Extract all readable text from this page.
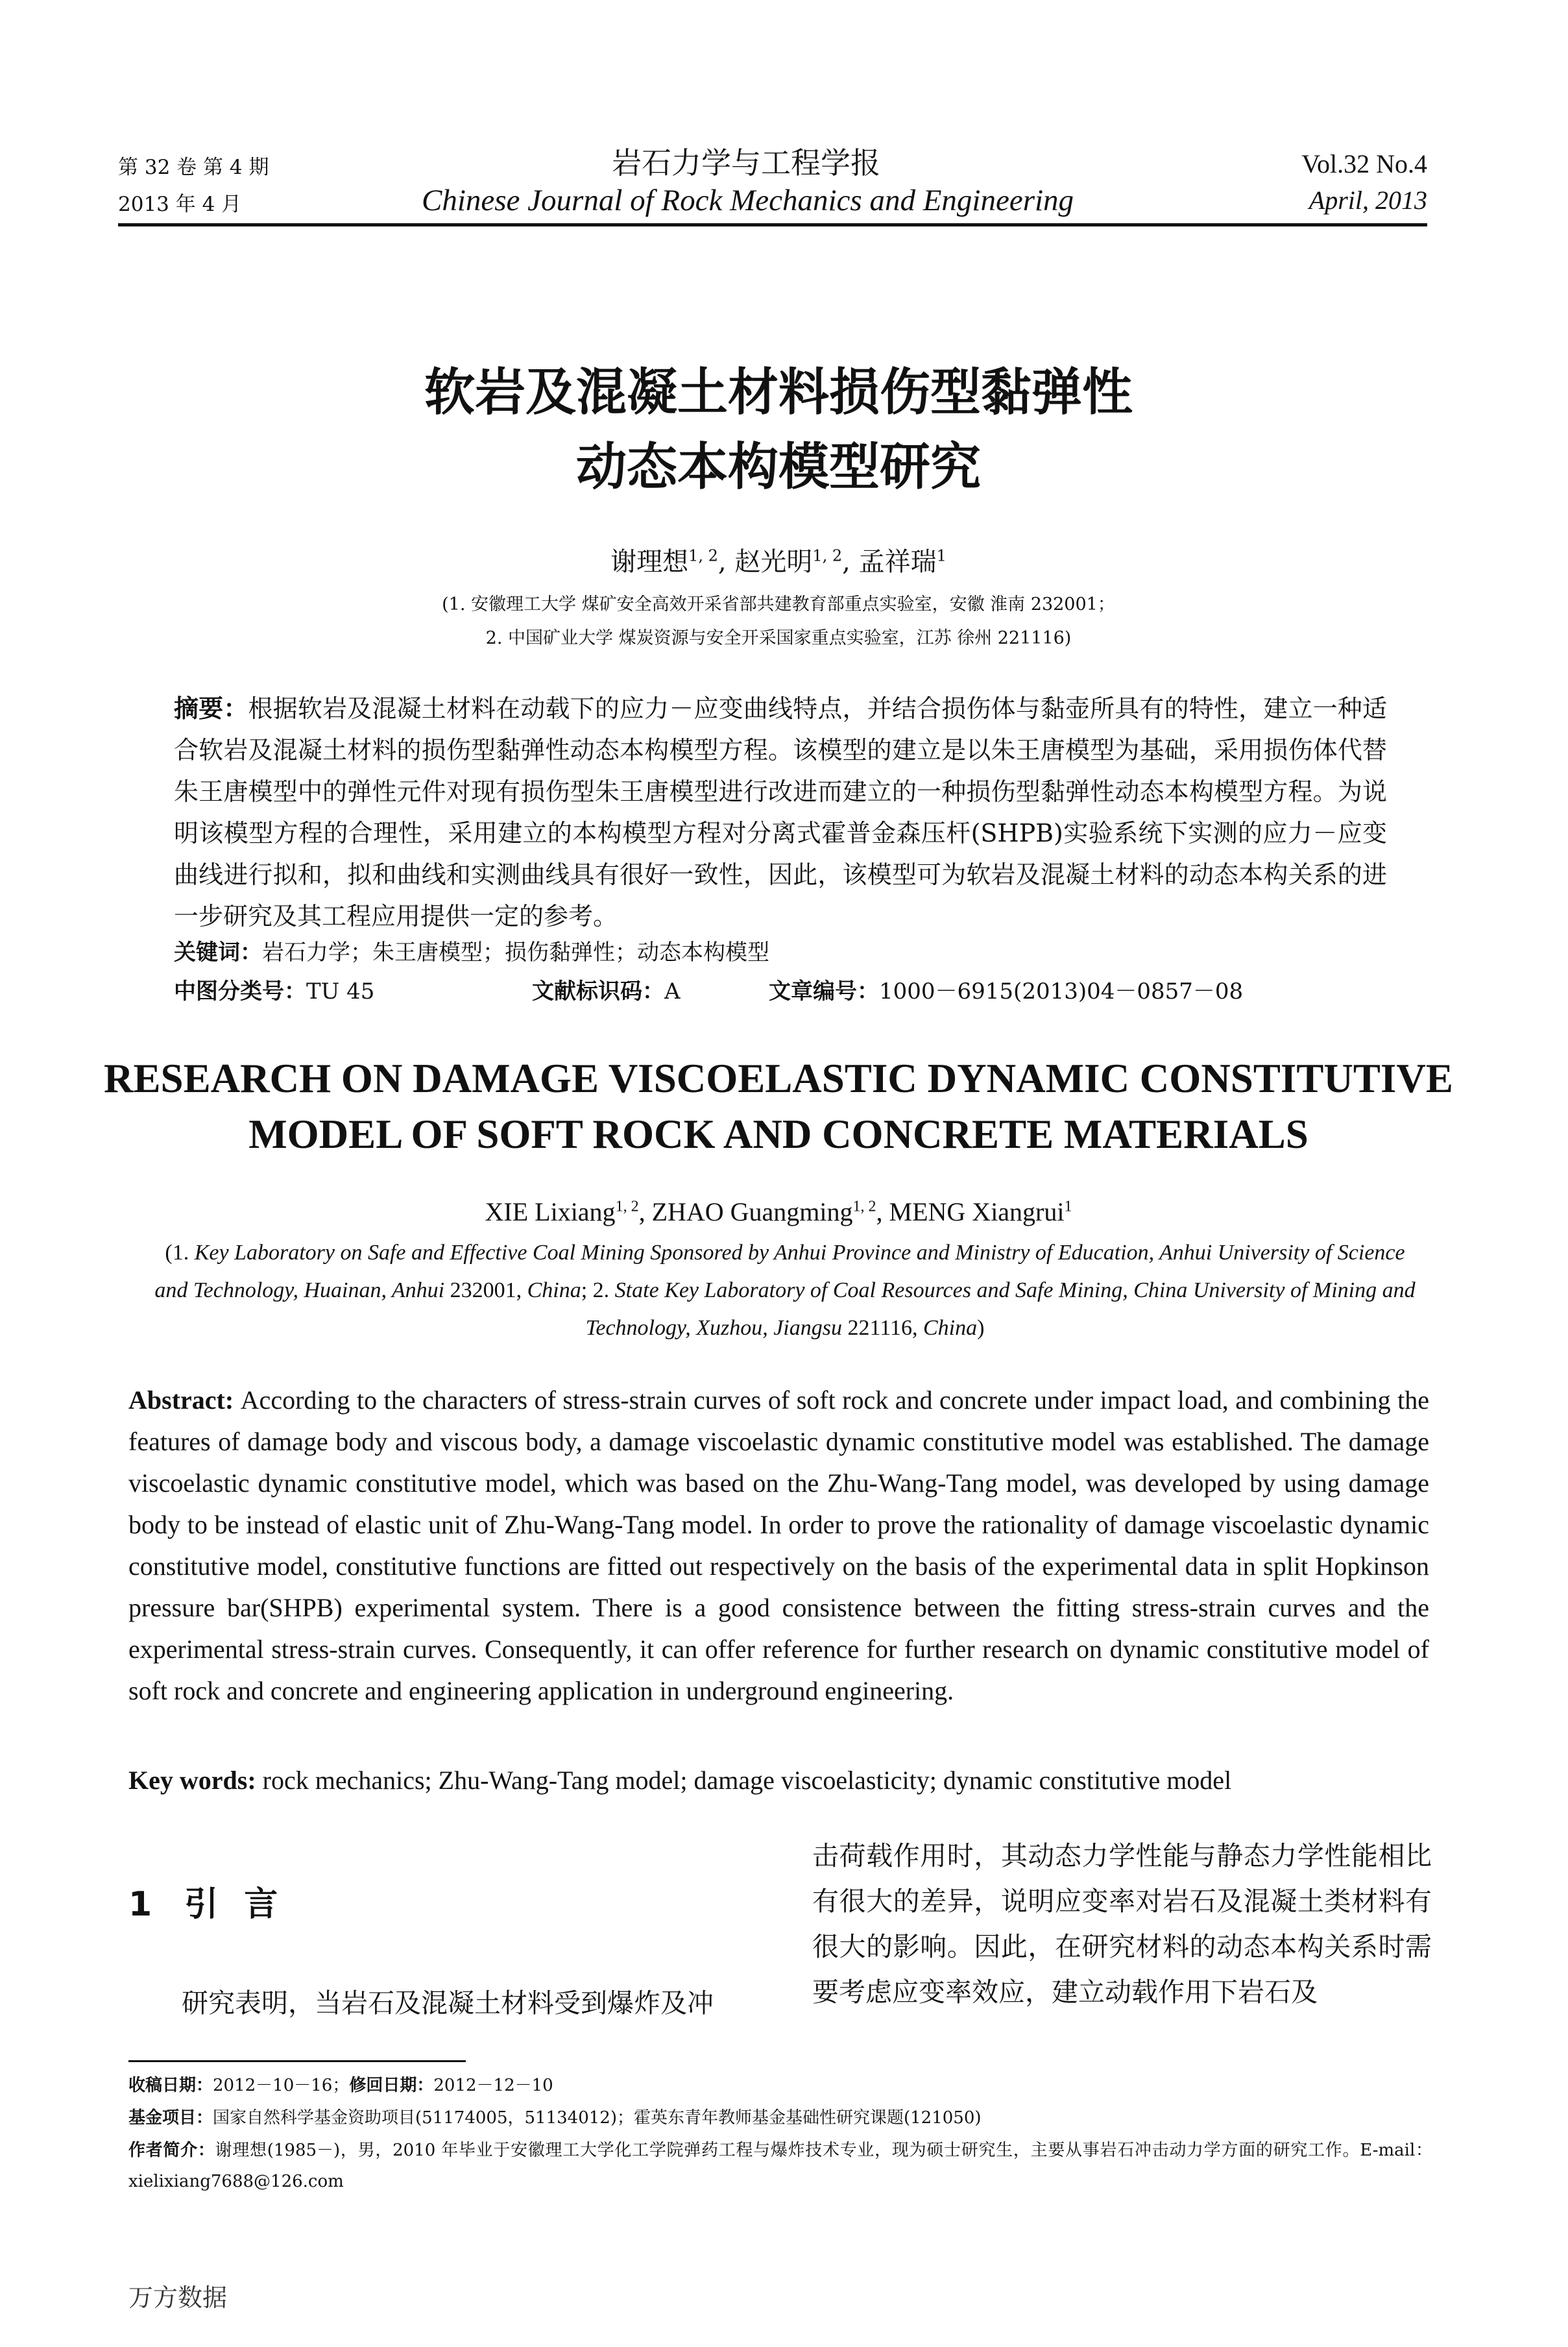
第 32 卷 第 4 期
2013 年 4 月
岩石力学与工程学报
Chinese Journal of Rock Mechanics and Engineering
Vol.32 No.4
April, 2013
软岩及混凝土材料损伤型黏弹性
动态本构模型研究
谢理想$^{1, 2}$, 赵光明$^{1, 2}$, 孟祥瑞$^1$
(1. 安徽理工大学 煤矿安全高效开采省部共建教育部重点实验室，安徽 淮南 232001；
2. 中国矿业大学 煤炭资源与安全开采国家重点实验室，江苏 徐州 221116)
摘要：根据软岩及混凝土材料在动载下的应力－应变曲线特点，并结合损伤体与黏壶所具有的特性，建立一种适合软岩及混凝土材料的损伤型黏弹性动态本构模型方程。该模型的建立是以朱王唐模型为基础，采用损伤体代替朱王唐模型中的弹性元件对现有损伤型朱王唐模型进行改进而建立的一种损伤型黏弹性动态本构模型方程。为说明该模型方程的合理性，采用建立的本构模型方程对分离式霍普金森压杆(SHPB)实验系统下实测的应力－应变曲线进行拟和，拟和曲线和实测曲线具有很好一致性，因此，该模型可为软岩及混凝土材料的动态本构关系的进一步研究及其工程应用提供一定的参考。
关键词：岩石力学；朱王唐模型；损伤黏弹性；动态本构模型
中图分类号：TU 45	文献标识码：A	文章编号：1000－6915(2013)04－0857－08
RESEARCH ON DAMAGE VISCOELASTIC DYNAMIC CONSTITUTIVE
MODEL OF SOFT ROCK AND CONCRETE MATERIALS
XIE Lixiang$^{1, 2}$, ZHAO Guangming$^{1, 2}$, MENG Xiangrui$^1$
(1. Key Laboratory on Safe and Effective Coal Mining Sponsored by Anhui Province and Ministry of Education, Anhui University of Science and Technology, Huainan, Anhui 232001, China; 2. State Key Laboratory of Coal Resources and Safe Mining, China University of Mining and Technology, Xuzhou, Jiangsu 221116, China)
Abstract: According to the characters of stress-strain curves of soft rock and concrete under impact load, and combining the features of damage body and viscous body, a damage viscoelastic dynamic constitutive model was established. The damage viscoelastic dynamic constitutive model, which was based on the Zhu-Wang-Tang model, was developed by using damage body to be instead of elastic unit of Zhu-Wang-Tang model. In order to prove the rationality of damage viscoelastic dynamic constitutive model, constitutive functions are fitted out respectively on the basis of the experimental data in split Hopkinson pressure bar(SHPB) experimental system. There is a good consistence between the fitting stress-strain curves and the experimental stress-strain curves. Consequently, it can offer reference for further research on dynamic constitutive model of soft rock and concrete and engineering application in underground engineering.
Key words: rock mechanics; Zhu-Wang-Tang model; damage viscoelasticity; dynamic constitutive model
1 引言
研究表明，当岩石及混凝土材料受到爆炸及冲
击荷载作用时，其动态力学性能与静态力学性能相比有很大的差异，说明应变率对岩石及混凝土类材料有很大的影响。因此，在研究材料的动态本构关系时需要考虑应变率效应，建立动载作用下岩石及
收稿日期：2012－10－16；修回日期：2012－12－10
基金项目：国家自然科学基金资助项目(51174005，51134012)；霍英东青年教师基金基础性研究课题(121050)
作者简介：谢理想(1985－)，男，2010 年毕业于安徽理工大学化工学院弹药工程与爆炸技术专业，现为硕士研究生，主要从事岩石冲击动力学方面的研究工作。E-mail：xielixiang7688@126.com
万方数据
